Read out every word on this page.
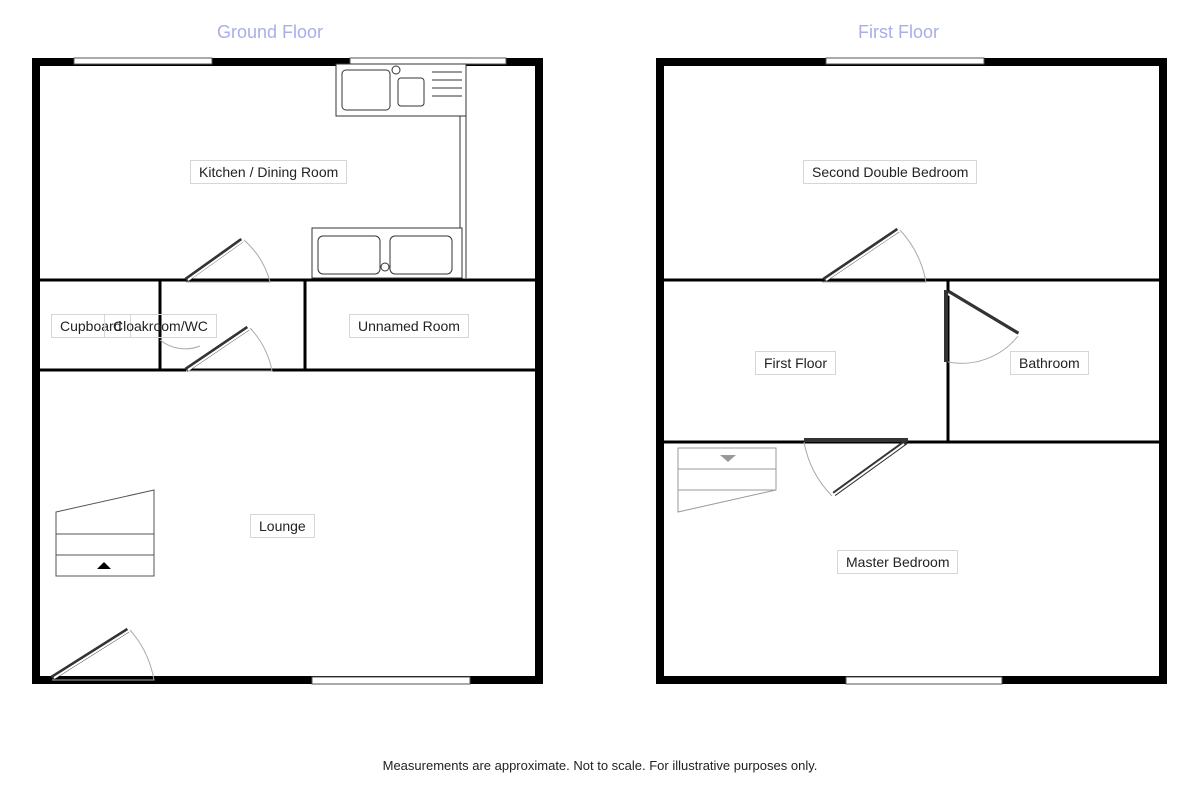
Ground Floor	First Floor
Kitchen / Dining Room
Cupboard
Cloakroom/WC	Unnamed Room
Lounge
Second Double Bedroom
First Floor	Bathroom
Master Bedroom
Measurements are approximate. Not to scale. For illustrative purposes only.
